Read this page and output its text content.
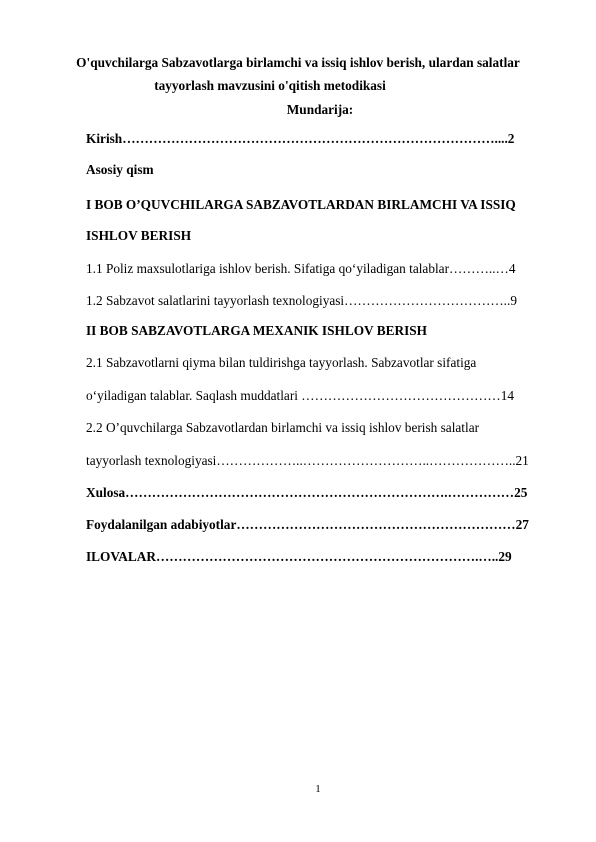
O'quvchilarga Sabzavotlarga birlamchi va issiq ishlov berish, ulardan salatlar
tayyorlash mavzusini o'qitish metodikasi
Mundarija:
Kirish…………………………………………………………………………....2
Asosiy qism
I BOB O’QUVCHILARGA SABZAVOTLARDAN BIRLAMCHI VA ISSIQ
ISHLOV BERISH
1.1 Poliz maxsulotlariga ishlov berish. Sifatiga qo‘yiladigan talablar………..…4
1.2 Sabzavot salatlarini tayyorlash texnologiyasi………………………………..9
II BOB SABZAVOTLARGA MEXANIK ISHLOV BERISH
2.1 Sabzavotlarni qiyma bilan tuldirishga tayyorlash. Sabzavotlar sifatiga
o‘yiladigan talablar. Saqlash muddatlari ………………………………………14
2.2 O’quvchilarga Sabzavotlardan birlamchi va issiq ishlov berish salatlar
tayyorlash texnologiyasi………………..………………………..………………..21
Xulosa……………………………………………………………….……………25
Foydalanilgan adabiyotlar………………………………………………………27
ILOVALAR……………………………………………………………….…..29
1
